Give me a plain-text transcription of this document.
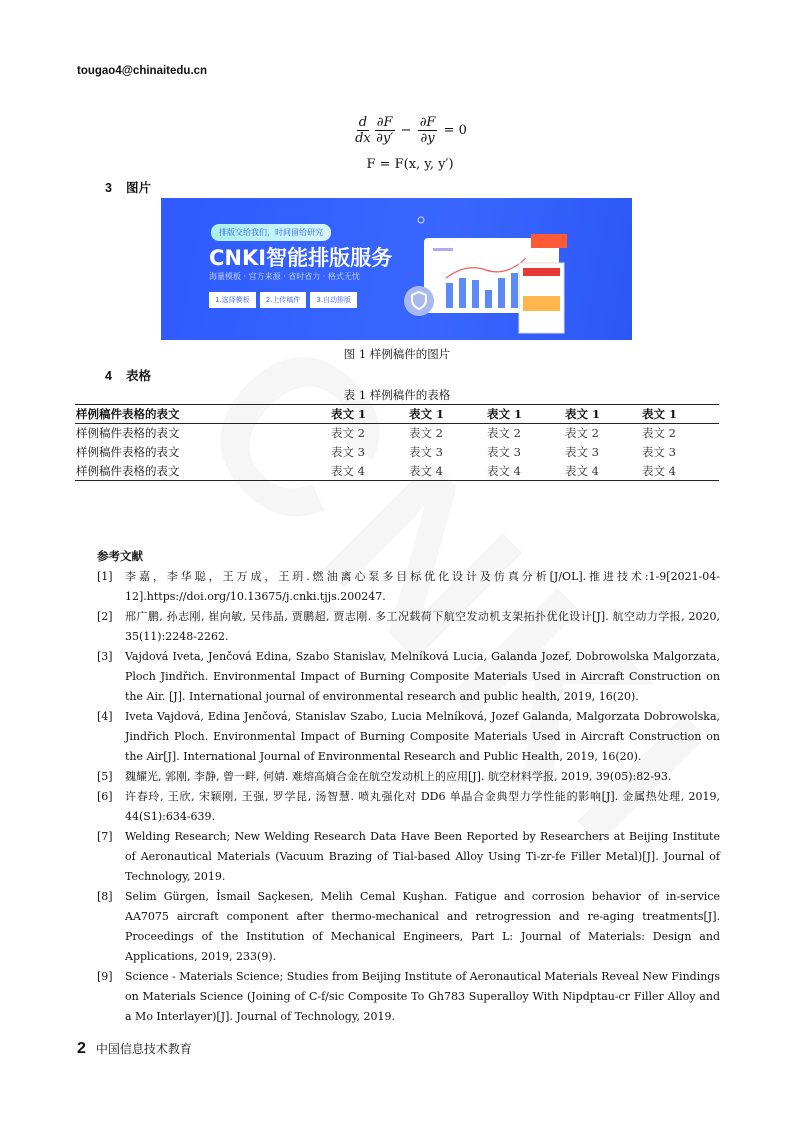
tougao4@chinaitedu.cn
$\frac{d}{dx} \frac{\partial F}{\partial y'} - \frac{\partial F}{\partial y} = 0$
F = F(x, y, y′)
3 图片
排版交给我们，时间留给研究
CNKI智能排版服务
海量模板 · 官方来源 · 省时省力 · 格式无忧
1.选择模板	2.上传稿件	3.自动排版
图 1 样例稿件的图片
4 表格
表 1 样例稿件的表格
样例稿件表格的表文	表文 1	表文 1	表文 1	表文 1	表文 1
样例稿件表格的表文	表文 2	表文 2	表文 2	表文 2	表文 2
样例稿件表格的表文	表文 3	表文 3	表文 3	表文 3	表文 3
样例稿件表格的表文	表文 4	表文 4	表文 4	表文 4	表文 4
参考文献
[1]	李嘉，李华聪，王万成，王玥.燃油离心泵多目标优化设计及仿真分析[J/OL].推进技术:1-9[2021-04-12].https://doi.org/10.13675/j.cnki.tjjs.200247.
[2]	邢广鹏, 孙志刚, 崔向敏, 吴伟晶, 贾鹏超, 贾志刚. 多工况载荷下航空发动机支架拓扑优化设计[J]. 航空动力学报, 2020, 35(11):2248-2262.
[3]	Vajdová Iveta, Jenčová Edina, Szabo Stanislav, Melníková Lucia, Galanda Jozef, Dobrowolska Malgorzata, Ploch Jindřich. Environmental Impact of Burning Composite Materials Used in Aircraft Construction on the Air. [J]. International journal of environmental research and public health, 2019, 16(20).
[4]	Iveta Vajdová, Edina Jenčová, Stanislav Szabo, Lucia Melníková, Jozef Galanda, Malgorzata Dobrowolska, Jindřich Ploch. Environmental Impact of Burning Composite Materials Used in Aircraft Construction on the Air[J]. International Journal of Environmental Research and Public Health, 2019, 16(20).
[5]	魏耀光, 郭刚, 李静, 曾一畔, 何婧. 难熔高熵合金在航空发动机上的应用[J]. 航空材料学报, 2019, 39(05):82-93.
[6]	许春玲, 王欣, 宋颖刚, 王强, 罗学昆, 汤智慧. 喷丸强化对 DD6 单晶合金典型力学性能的影响[J]. 金属热处理, 2019, 44(S1):634-639.
[7]	Welding Research; New Welding Research Data Have Been Reported by Researchers at Beijing Institute of Aeronautical Materials (Vacuum Brazing of Tial-based Alloy Using Ti-zr-fe Filler Metal)[J]. Journal of Technology, 2019.
[8]	Selim Gürgen, İsmail Saçkesen, Melih Cemal Kuşhan. Fatigue and corrosion behavior of in-service AA7075 aircraft component after thermo-mechanical and retrogression and re-aging treatments[J]. Proceedings of the Institution of Mechanical Engineers, Part L: Journal of Materials: Design and Applications, 2019, 233(9).
[9]	Science - Materials Science; Studies from Beijing Institute of Aeronautical Materials Reveal New Findings on Materials Science (Joining of C-f/sic Composite To Gh783 Superalloy With Nipdptau-cr Filler Alloy and a Mo Interlayer)[J]. Journal of Technology, 2019.
2 中国信息技术教育
